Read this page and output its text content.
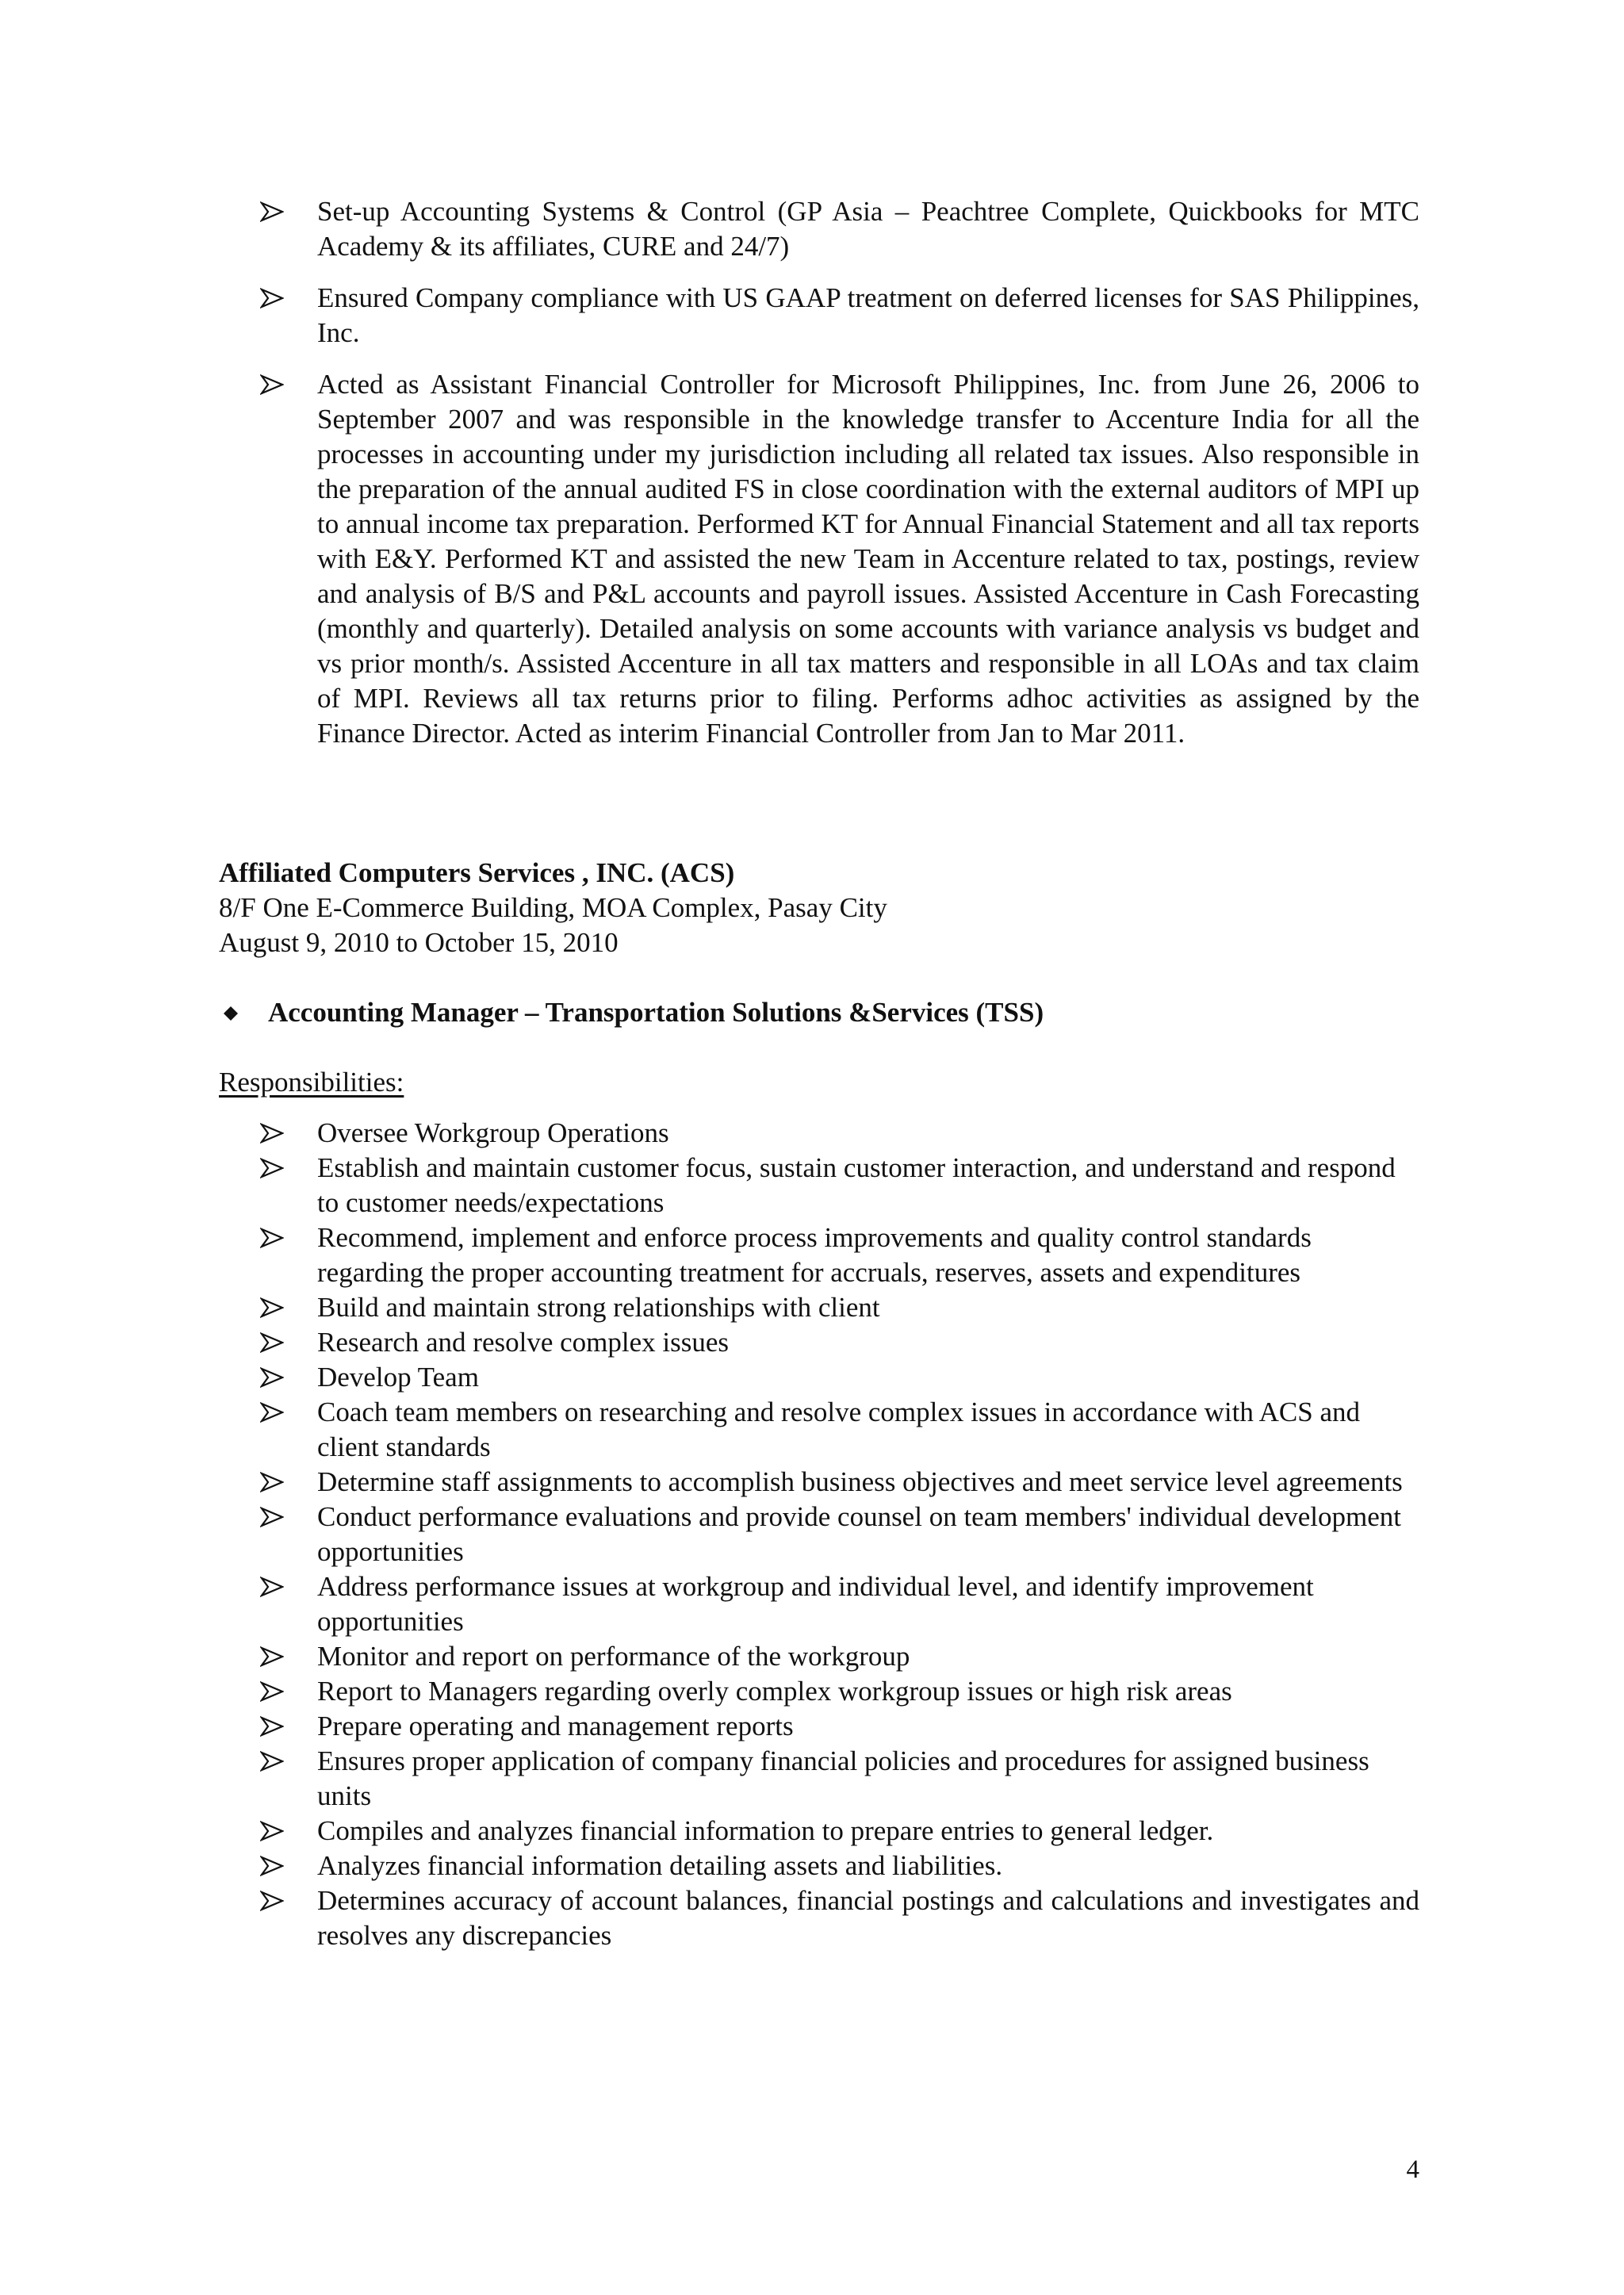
Set-up Accounting Systems & Control (GP Asia – Peachtree Complete, Quickbooks for MTC Academy & its affiliates, CURE and 24/7)
Ensured Company compliance with US GAAP treatment on deferred licenses for SAS Philippines, Inc.
Acted as Assistant Financial Controller for Microsoft Philippines, Inc. from June 26, 2006 to September 2007 and was responsible in the knowledge transfer to Accenture India for all the processes in accounting under my jurisdiction including all related tax issues. Also responsible in the preparation of the annual audited FS in close coordination with the external auditors of MPI up to annual income tax preparation. Performed KT for Annual Financial Statement and all tax reports with E&Y. Performed KT and assisted the new Team in Accenture related to tax, postings, review and analysis of B/S and P&L accounts and payroll issues. Assisted Accenture in Cash Forecasting (monthly and quarterly). Detailed analysis on some accounts with variance analysis vs budget and vs prior month/s. Assisted Accenture in all tax matters and responsible in all LOAs and tax claim of MPI. Reviews all tax returns prior to filing. Performs adhoc activities as assigned by the Finance Director. Acted as interim Financial Controller from Jan to Mar 2011.
Affiliated Computers Services , INC. (ACS)
8/F One E-Commerce Building, MOA Complex, Pasay City
August 9, 2010 to October 15, 2010
Accounting Manager – Transportation Solutions &Services (TSS)
Responsibilities:
Oversee Workgroup Operations
Establish and maintain customer focus, sustain customer interaction, and understand and respond to customer needs/expectations
Recommend, implement and enforce process improvements and quality control standards regarding the proper accounting treatment for accruals, reserves, assets and expenditures
Build and maintain strong relationships with client
Research and resolve complex issues
Develop Team
Coach team members on researching and resolve complex issues in accordance with ACS and client standards
Determine staff assignments to accomplish business objectives and meet service level agreements
Conduct performance evaluations and provide counsel on team members' individual development opportunities
Address performance issues at workgroup and individual level, and identify improvement opportunities
Monitor and report on performance of the workgroup
Report to Managers regarding overly complex workgroup issues or high risk areas
Prepare operating and management reports
Ensures proper application of company financial policies and procedures for assigned business units
Compiles and analyzes financial information to prepare entries to general ledger.
Analyzes financial information detailing assets and liabilities.
Determines accuracy of account balances, financial postings and calculations and investigates and resolves any discrepancies
4
